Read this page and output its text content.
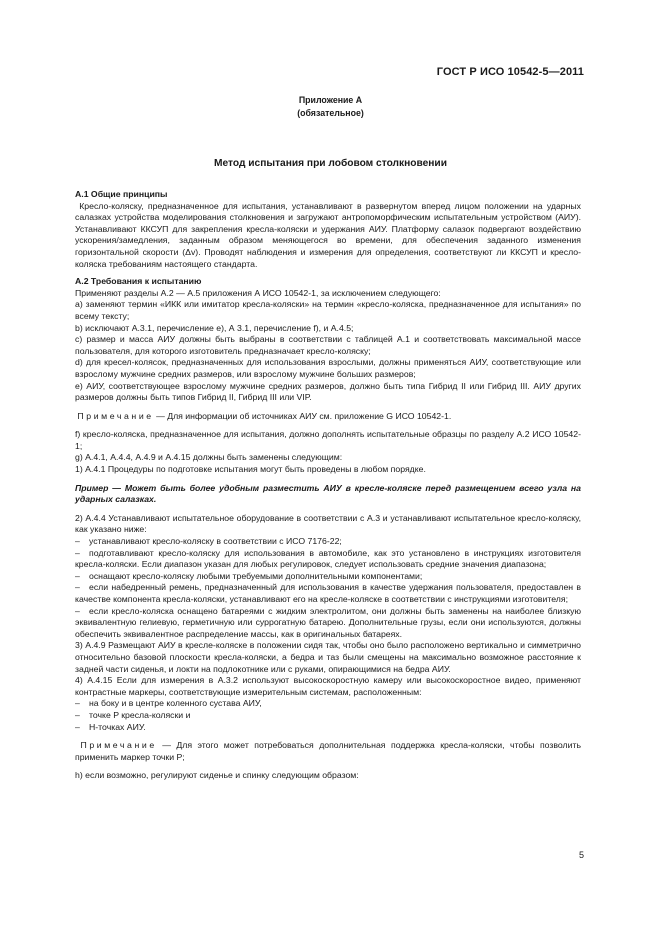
ГОСТ Р ИСО 10542-5—2011
Приложение А
(обязательное)
Метод испытания при лобовом столкновении

А.1 Общие принципы

Кресло-коляску, предназначенное для испытания, устанавливают в развернутом вперед лицом положении на ударных салазках устройства моделирования столкновения и загружают антропоморфическим испытательным устройством (АИУ). Устанавливают ККСУП для закрепления кресла-коляски и удержания АИУ. Платформу салазок подвергают воздействию ускорения/замедления, заданным образом меняющегося во времени, для обеспечения заданного изменения горизонтальной скорости (Δv). Проводят наблюдения и измерения для определения, соответствуют ли ККСУП и кресло-коляска требованиям настоящего стандарта.

А.2 Требования к испытанию

Применяют разделы А.2 — А.5 приложения А ИСО 10542-1, за исключением следующего:

а) заменяют термин «ИКК или имитатор кресла-коляски» на термин «кресло-коляска, предназначенное для испытания» по всему тексту;

b) исключают А.3.1, перечисление е), А 3.1, перечисление f), и А.4.5;

с) размер и масса АИУ должны быть выбраны в соответствии с таблицей А.1 и соответствовать максимальной массе пользователя, для которого изготовитель предназначает кресло-коляску;

d) для кресел-колясок, предназначенных для использования взрослыми, должны применяться АИУ, соответствующие или взрослому мужчине средних размеров, или взрослому мужчине больших размеров;

е) АИУ, соответствующее взрослому мужчине средних размеров, должно быть типа Гибрид II или Гибрид III. АИУ других размеров должны быть типов Гибрид II, Гибрид III или VIP.

Примечание — Для информации об источниках АИУ см. приложение G ИСО 10542-1.

f) кресло-коляска, предназначенное для испытания, должно дополнять испытательные образцы по разделу А.2 ИСО 10542-1;

g) А.4.1, А.4.4, А.4.9 и А.4.15 должны быть заменены следующим:

1) А.4.1 Процедуры по подготовке испытания могут быть проведены в любом порядке.

Пример — Может быть более удобным разместить АИУ в кресле-коляске перед размещением всего узла на ударных салазках.

2) А.4.4 Устанавливают испытательное оборудование в соответствии с А.3 и устанавливают испытательное кресло-коляску, как указано ниже:

– устанавливают кресло-коляску в соответствии с ИСО 7176-22;

– подготавливают кресло-коляску для использования в автомобиле, как это установлено в инструкциях изготовителя кресла-коляски. Если диапазон указан для любых регулировок, следует использовать средние значения диапазона;

– оснащают кресло-коляску любыми требуемыми дополнительными компонентами;

– если набедренный ремень, предназначенный для использования в качестве удержания пользователя, предоставлен в качестве компонента кресла-коляски, устанавливают его на кресле-коляске в соответствии с инструкциями изготовителя;

– если кресло-коляска оснащено батареями с жидким электролитом, они должны быть заменены на наиболее близкую эквивалентную гелиевую, герметичную или суррогатную батарею. Дополнительные грузы, если они используются, должны обеспечить эквивалентное распределение массы, как в оригинальных батареях.

3) А.4.9 Размещают АИУ в кресле-коляске в положении сидя так, чтобы оно было расположено вертикально и симметрично относительно базовой плоскости кресла-коляски, а бедра и таз были смещены на максимально возможное расстояние к задней части сиденья, и локти на подлокотнике или с руками, опирающимися на бедра АИУ.

4) А.4.15 Если для измерения в А.3.2 используют высокоскоростную камеру или высокоскоростное видео, применяют контрастные маркеры, соответствующие измерительным системам, расположенным:

– на боку и в центре коленного сустава АИУ,

– точке P кресла-коляски и

– H-точках АИУ.

Примечание — Для этого может потребоваться дополнительная поддержка кресла-коляски, чтобы позволить применить маркер точки P;

h) если возможно, регулируют сиденье и спинку следующим образом:

5
